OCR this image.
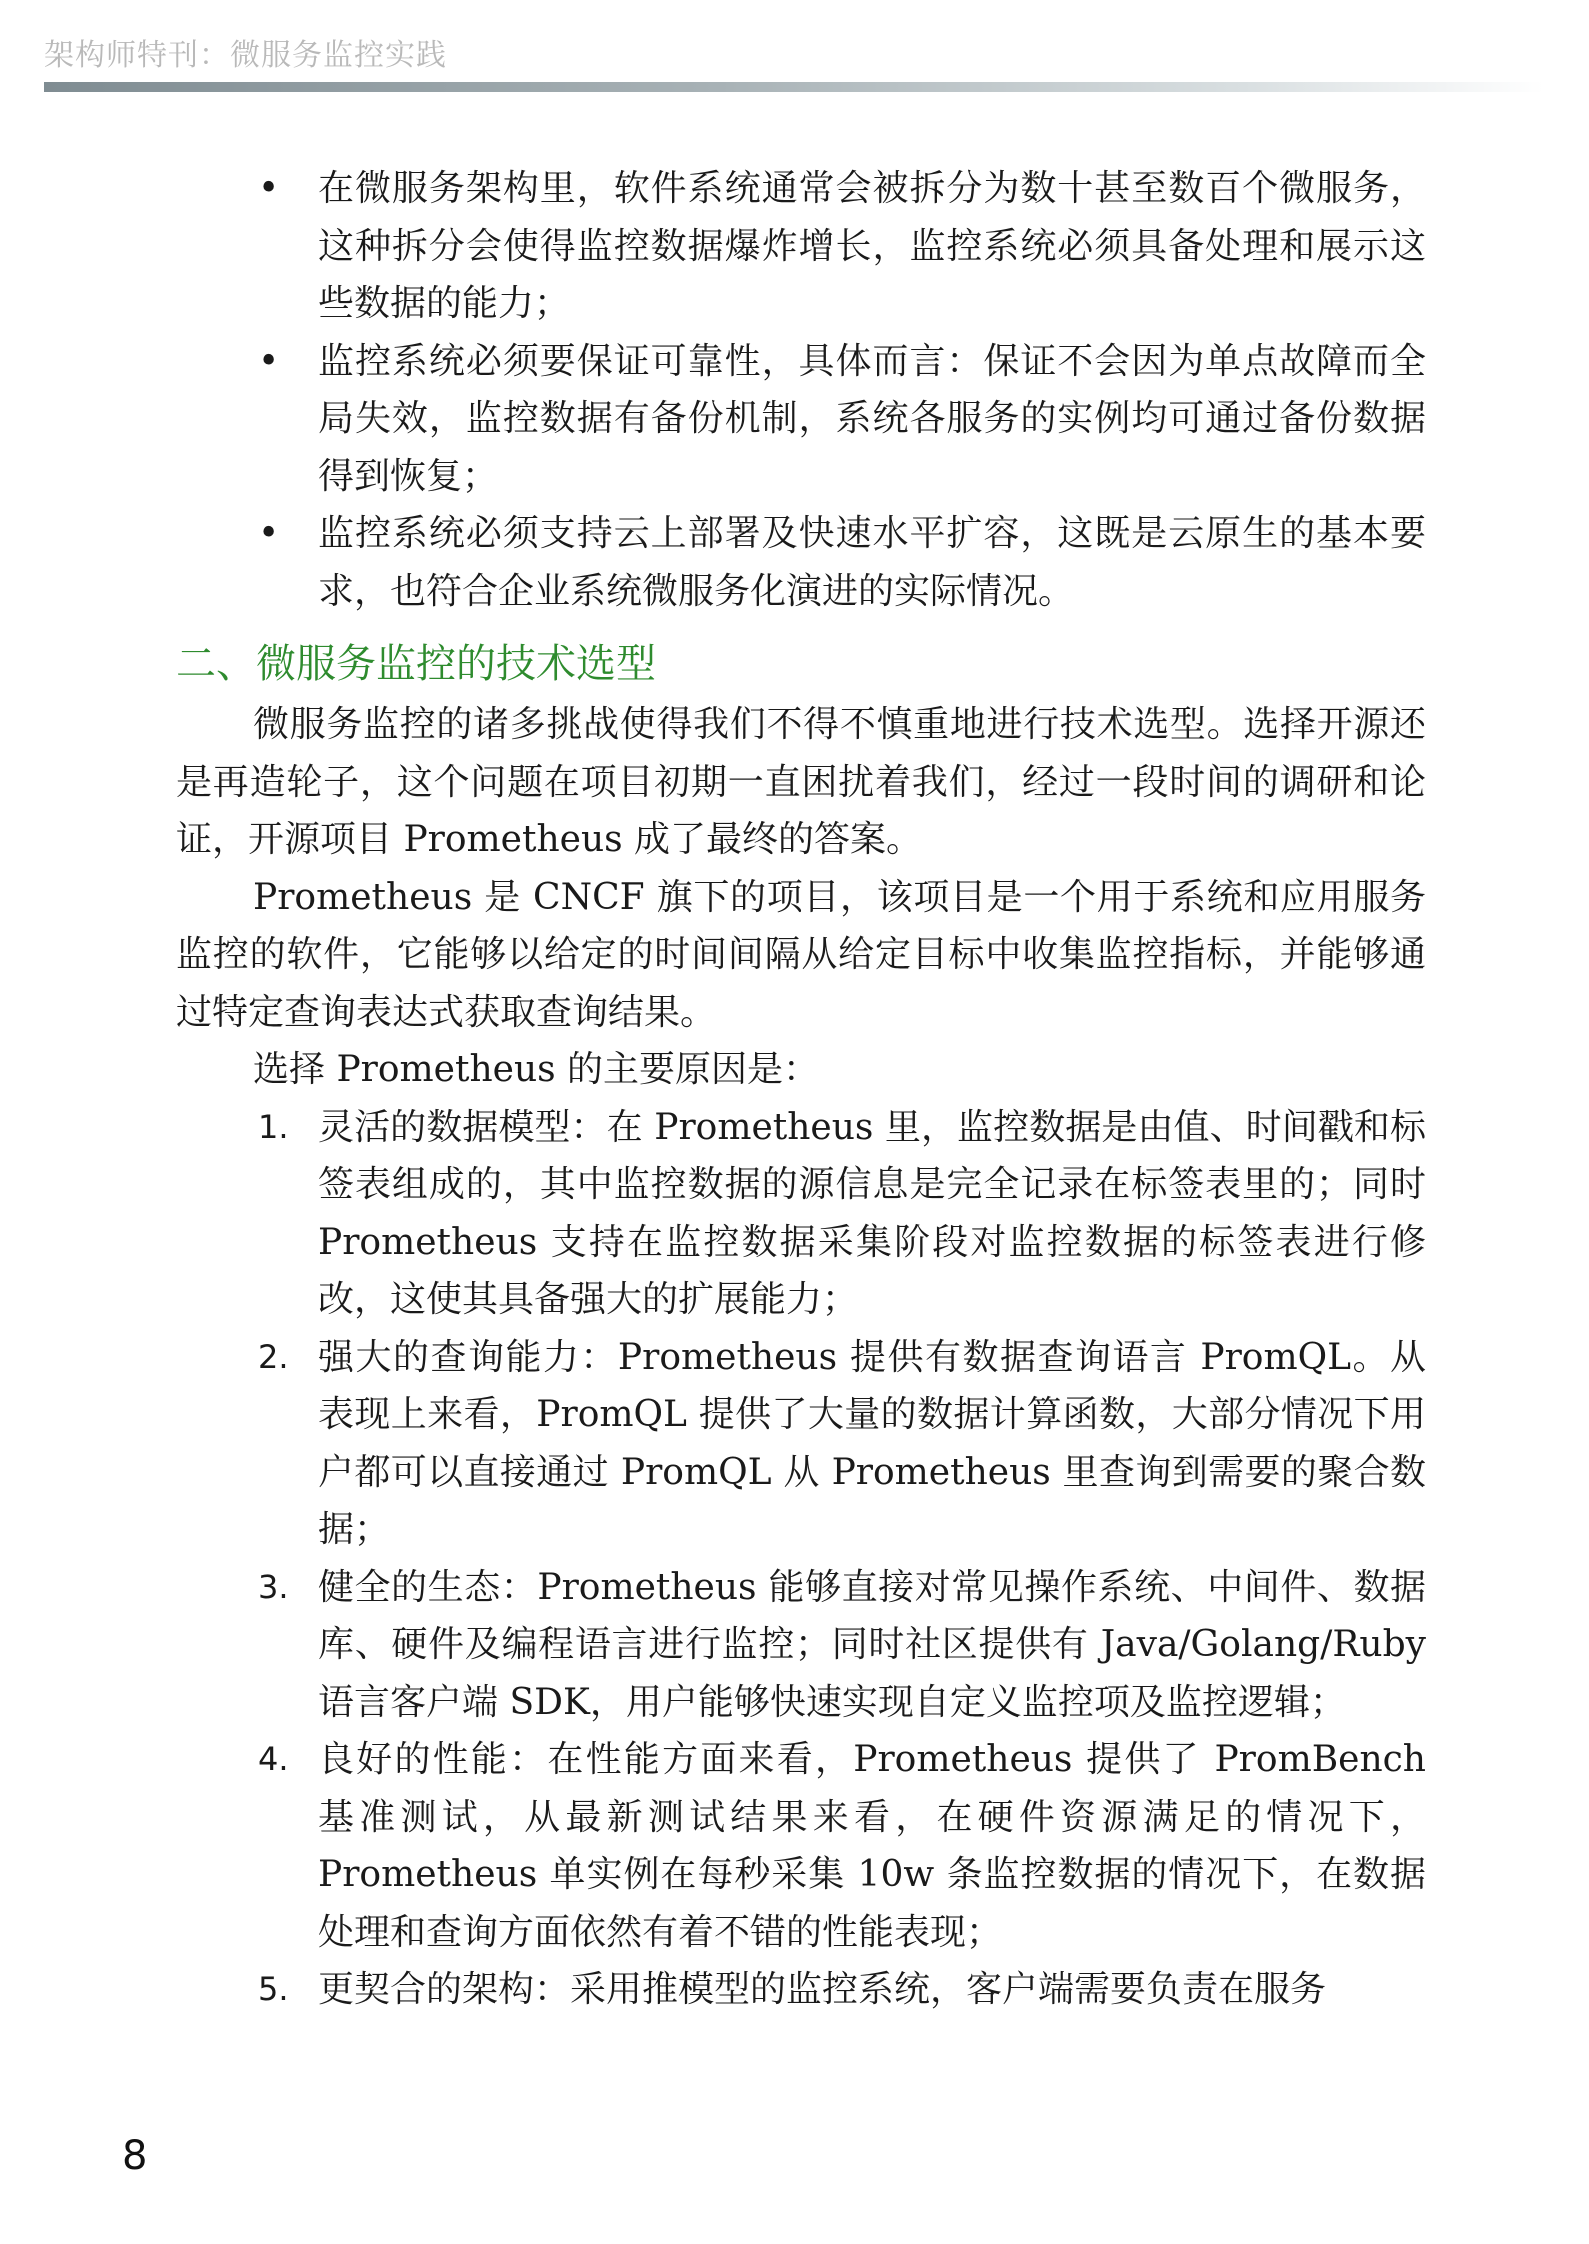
架构师特刊：微服务监控实践
• 在微服务架构里，软件系统通常会被拆分为数十甚至数百个微服务，这种拆分会使得监控数据爆炸增长，监控系统必须具备处理和展示这些数据的能力；
• 监控系统必须要保证可靠性，具体而言：保证不会因为单点故障而全局失效，监控数据有备份机制，系统各服务的实例均可通过备份数据得到恢复；
• 监控系统必须支持云上部署及快速水平扩容，这既是云原生的基本要求，也符合企业系统微服务化演进的实际情况。
二、微服务监控的技术选型

微服务监控的诸多挑战使得我们不得不慎重地进行技术选型。选择开源还是再造轮子，这个问题在项目初期一直困扰着我们，经过一段时间的调研和论证，开源项目 Prometheus 成了最终的答案。

Prometheus 是 CNCF 旗下的项目，该项目是一个用于系统和应用服务监控的软件，它能够以给定的时间间隔从给定目标中收集监控指标，并能够通过特定查询表达式获取查询结果。

选择 Prometheus 的主要原因是：

1. 灵活的数据模型：在 Prometheus 里，监控数据是由值、时间戳和标签表组成的，其中监控数据的源信息是完全记录在标签表里的；同时 Prometheus 支持在监控数据采集阶段对监控数据的标签表进行修改，这使其具备强大的扩展能力；
2. 强大的查询能力：Prometheus 提供有数据查询语言 PromQL。从表现上来看，PromQL 提供了大量的数据计算函数，大部分情况下用户都可以直接通过 PromQL 从 Prometheus 里查询到需要的聚合数据；
3. 健全的生态：Prometheus 能够直接对常见操作系统、中间件、数据库、硬件及编程语言进行监控；同时社区提供有 Java/Golang/Ruby 语言客户端 SDK，用户能够快速实现自定义监控项及监控逻辑；
4. 良好的性能：在性能方面来看，Prometheus 提供了 PromBench 基准测试，从最新测试结果来看，在硬件资源满足的情况下，Prometheus 单实例在每秒采集 10w 条监控数据的情况下，在数据处理和查询方面依然有着不错的性能表现；
5. 更契合的架构：采用推模型的监控系统，客户端需要负责在服务
8
